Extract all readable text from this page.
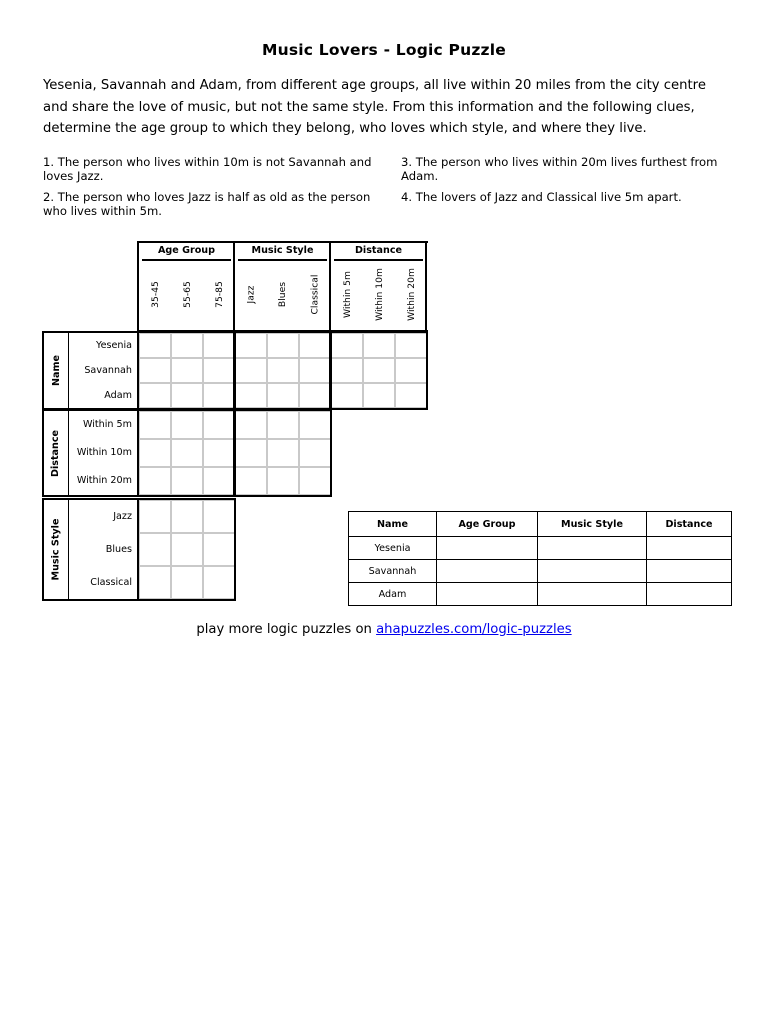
Music Lovers - Logic Puzzle
Yesenia, Savannah and Adam, from different age groups, all live within 20 miles from the city centre and share the love of music, but not the same style. From this information and the following clues, determine the age group to which they belong, who loves which style, and where they live.
1. The person who lives within 10m is not Savannah and loves Jazz.
2. The person who loves Jazz is half as old as the person who lives within 5m.
3. The person who lives within 20m lives furthest from Adam.
4. The lovers of Jazz and Classical live 5m apart.
Age Group
35-45 55-65 75-85
Music Style
Jazz Blues Classical
Distance
Within 5m Within 10m Within 20m
Name
Yesenia
Savannah
Adam
Distance
Within 5m
Within 10m
Within 20m
Music Style
Jazz
Blues
Classical
Name	Age Group	Music Style	Distance
Yesenia			
Savannah			
Adam			
play more logic puzzles on ahapuzzles.com/logic-puzzles
